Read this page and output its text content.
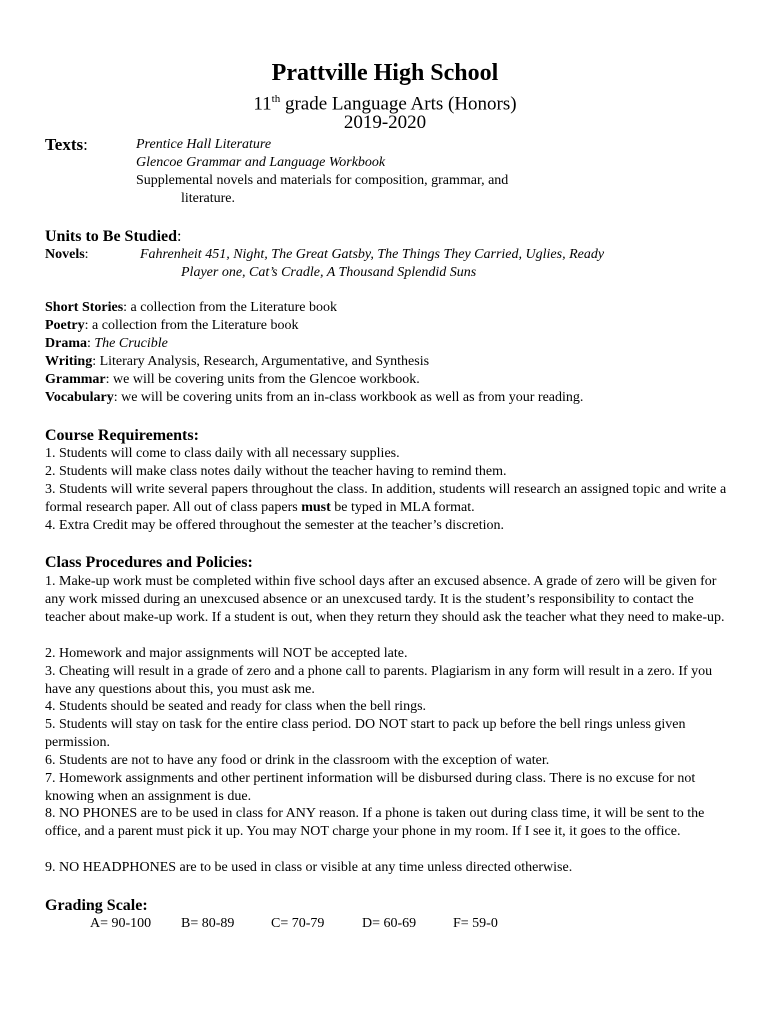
Prattville High School
11th grade Language Arts (Honors)
2019-2020
Texts:	Prentice Hall Literature
Glencoe Grammar and Language Workbook
Supplemental novels and materials for composition, grammar, and
literature.
Units to Be Studied:
Novels:	Fahrenheit 451, Night, The Great Gatsby, The Things They Carried, Uglies, Ready
Player one, Cat’s Cradle, A Thousand Splendid Suns
Short Stories: a collection from the Literature book
Poetry: a collection from the Literature book
Drama: The Crucible
Writing: Literary Analysis, Research, Argumentative, and Synthesis
Grammar: we will be covering units from the Glencoe workbook.
Vocabulary: we will be covering units from an in-class workbook as well as from your reading.
Course Requirements:
1. Students will come to class daily with all necessary supplies.
2. Students will make class notes daily without the teacher having to remind them.
3. Students will write several papers throughout the class. In addition, students will research an assigned topic and write a formal research paper. All out of class papers must be typed in MLA format.
4. Extra Credit may be offered throughout the semester at the teacher’s discretion.
Class Procedures and Policies:
1. Make-up work must be completed within five school days after an excused absence. A grade of zero will be given for any work missed during an unexcused absence or an unexcused tardy. It is the student’s responsibility to contact the teacher about make-up work. If a student is out, when they return they should ask the teacher what they need to make-up.
2. Homework and major assignments will NOT be accepted late.
3. Cheating will result in a grade of zero and a phone call to parents. Plagiarism in any form will result in a zero. If you have any questions about this, you must ask me.
4. Students should be seated and ready for class when the bell rings.
5. Students will stay on task for the entire class period. DO NOT start to pack up before the bell rings unless given permission.
6. Students are not to have any food or drink in the classroom with the exception of water.
7. Homework assignments and other pertinent information will be disbursed during class. There is no excuse for not knowing when an assignment is due.
8. NO PHONES are to be used in class for ANY reason. If a phone is taken out during class time, it will be sent to the office, and a parent must pick it up. You may NOT charge your phone in my room. If I see it, it goes to the office.
9. NO HEADPHONES are to be used in class or visible at any time unless directed otherwise.
Grading Scale:
A= 90-100 B= 80-89	C= 70-79	D= 60-69	F= 59-0
